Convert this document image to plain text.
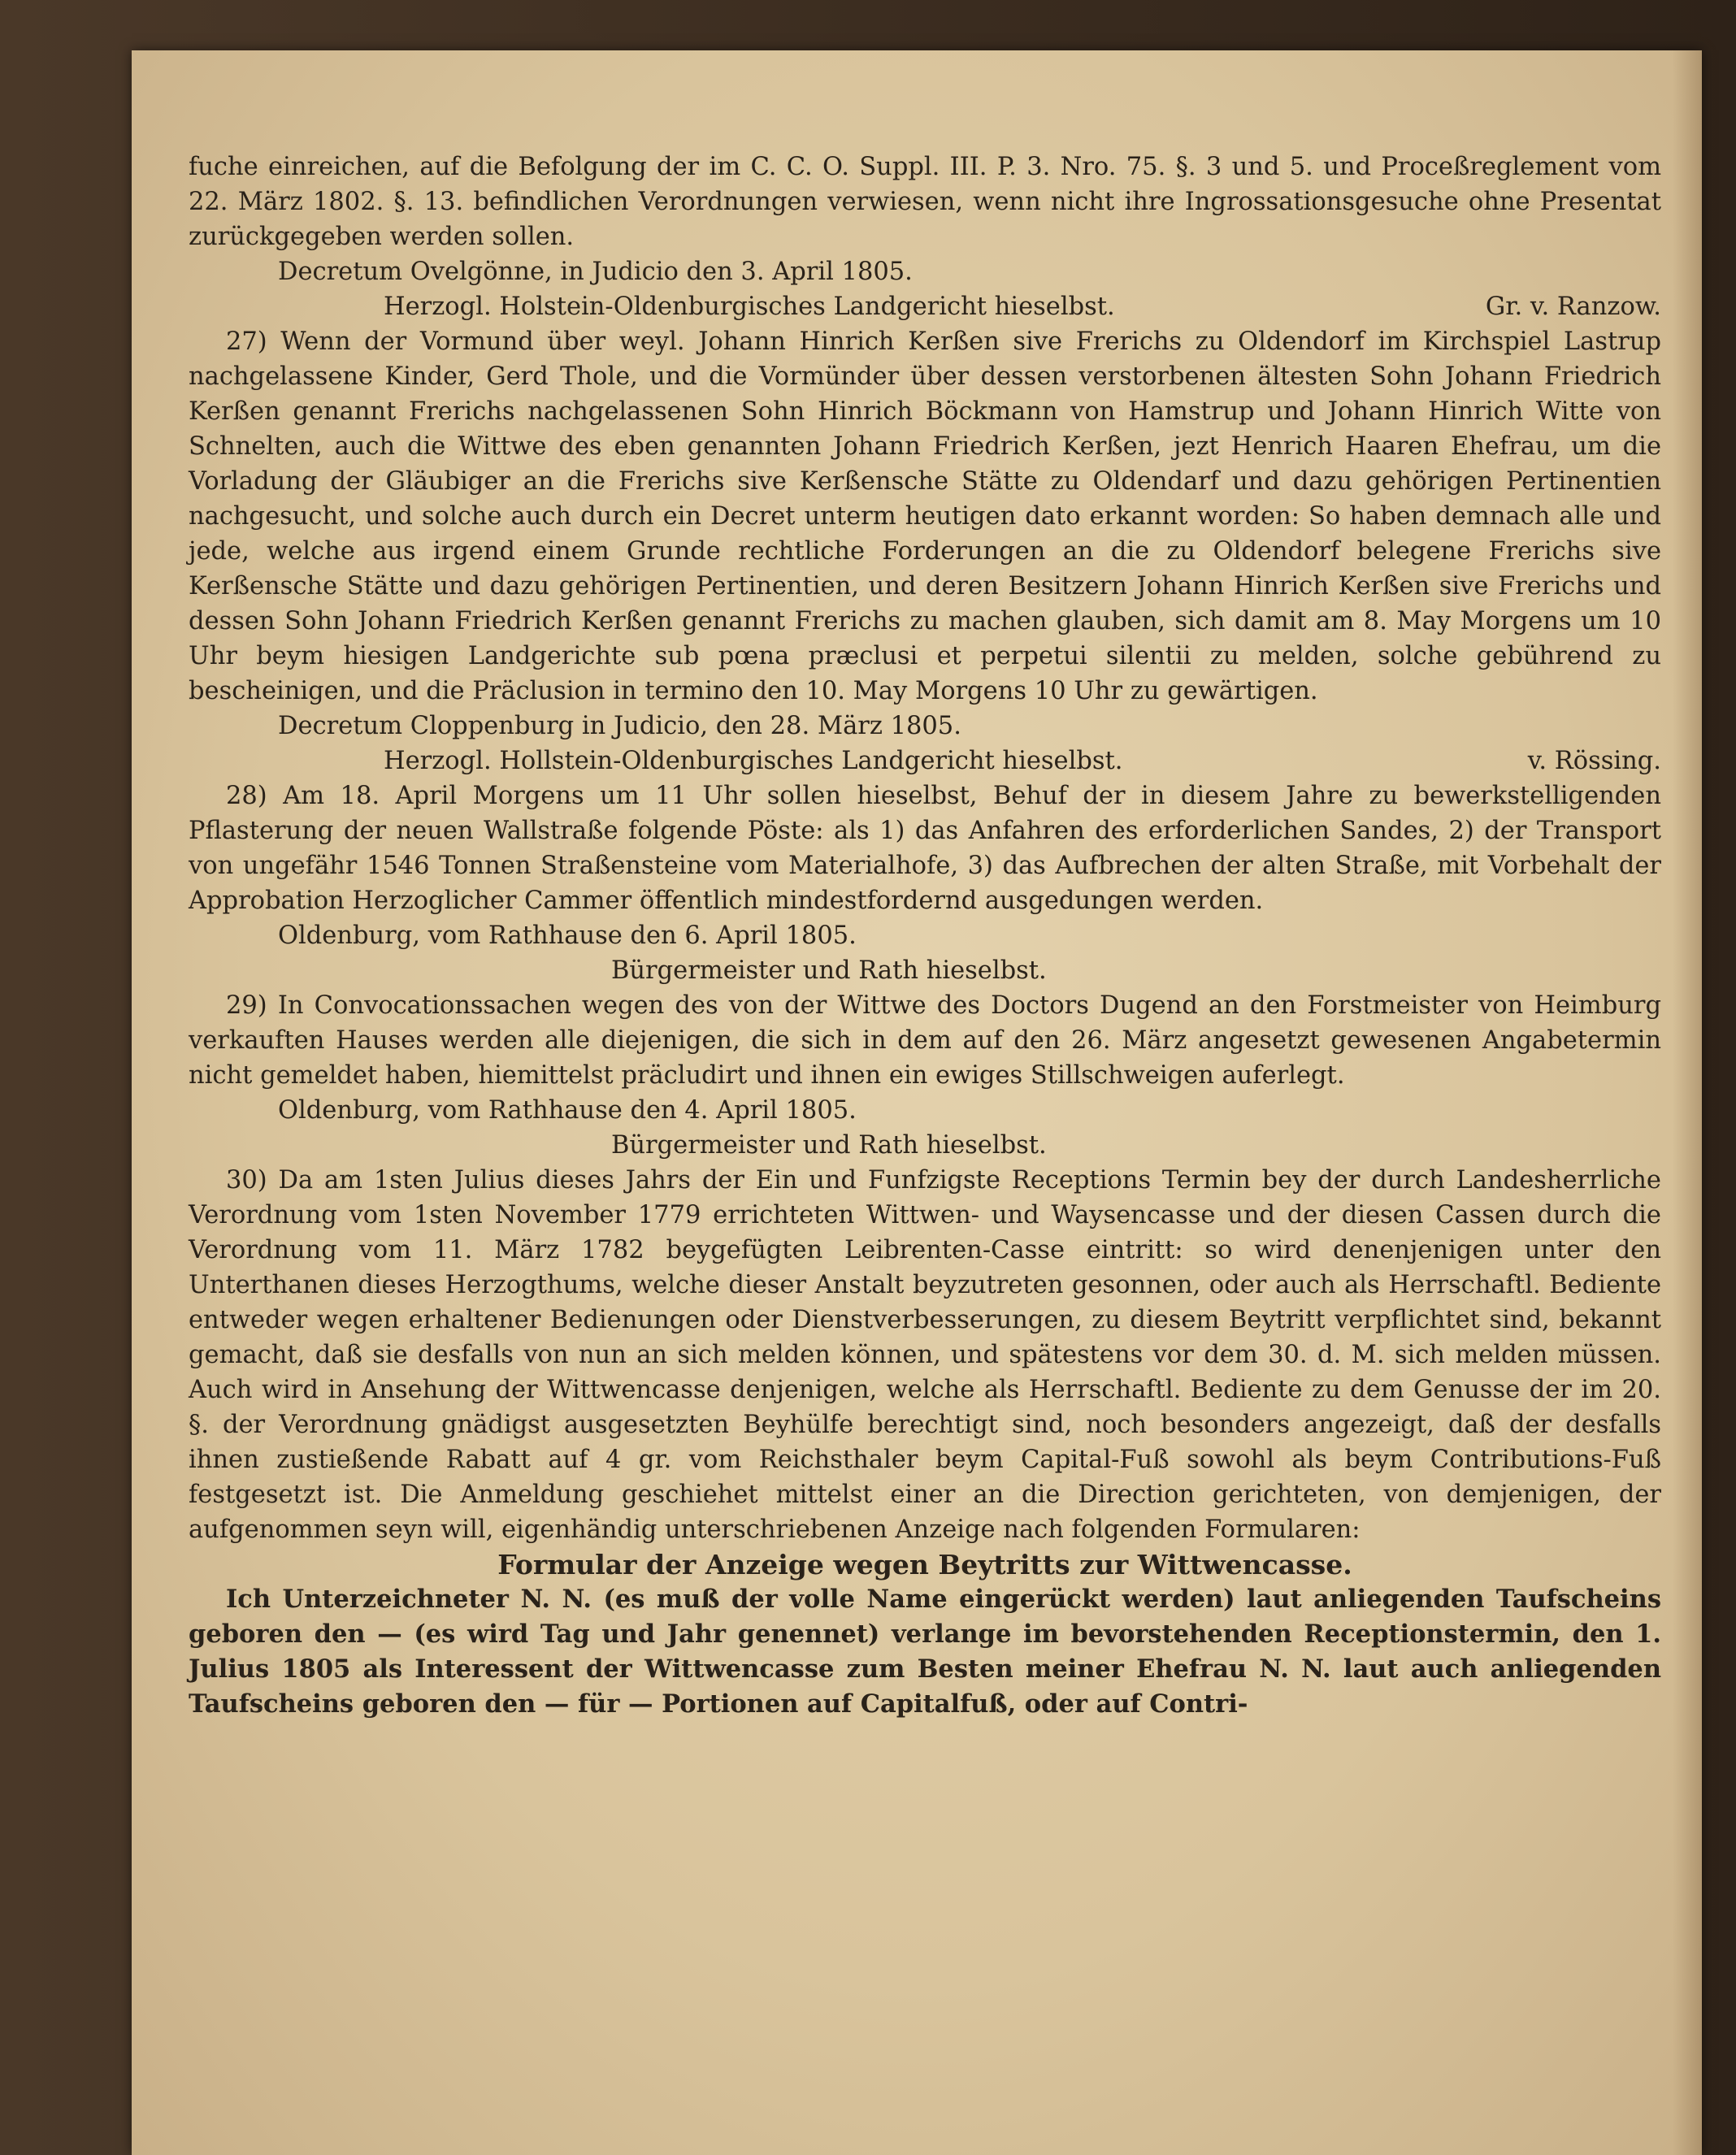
fuche einreichen, auf die Befolgung der im C. C. O. Suppl. III. P. 3. Nro. 75. §. 3 und 5. und Proceßreglement vom 22. März 1802. §. 13. befindlichen Verordnungen verwiesen, wenn nicht ihre Ingrossationsgesuche ohne Presentat zurückgegeben werden sollen.

Decretum Ovelgönne, in Judicio den 3. April 1805.

Herzogl. Holstein-Oldenburgisches Landgericht hieselbst.	Gr. v. Ranzow.

27) Wenn der Vormund über weyl. Johann Hinrich Kerßen sive Frerichs zu Oldendorf im Kirchspiel Lastrup nachgelassene Kinder, Gerd Thole, und die Vormünder über dessen verstorbenen ältesten Sohn Johann Friedrich Kerßen genannt Frerichs nachgelassenen Sohn Hinrich Böckmann von Hamstrup und Johann Hinrich Witte von Schnelten, auch die Wittwe des eben genannten Johann Friedrich Kerßen, jezt Henrich Haaren Ehefrau, um die Vorladung der Gläubiger an die Frerichs sive Kerßensche Stätte zu Oldendarf und dazu gehörigen Pertinentien nachgesucht, und solche auch durch ein Decret unterm heutigen dato erkannt worden: So haben demnach alle und jede, welche aus irgend einem Grunde rechtliche Forderungen an die zu Oldendorf belegene Frerichs sive Kerßensche Stätte und dazu gehörigen Pertinentien, und deren Besitzern Johann Hinrich Kerßen sive Frerichs und dessen Sohn Johann Friedrich Kerßen genannt Frerichs zu machen glauben, sich damit am 8. May Morgens um 10 Uhr beym hiesigen Landgerichte sub pœna præclusi et perpetui silentii zu melden, solche gebührend zu bescheinigen, und die Präclusion in termino den 10. May Morgens 10 Uhr zu gewärtigen.

Decretum Cloppenburg in Judicio, den 28. März 1805.

Herzogl. Hollstein-Oldenburgisches Landgericht hieselbst.	v. Rössing.

28) Am 18. April Morgens um 11 Uhr sollen hieselbst, Behuf der in diesem Jahre zu bewerkstelligenden Pflasterung der neuen Wallstraße folgende Pöste: als 1) das Anfahren des erforderlichen Sandes, 2) der Transport von ungefähr 1546 Tonnen Straßensteine vom Materialhofe, 3) das Aufbrechen der alten Straße, mit Vorbehalt der Approbation Herzoglicher Cammer öffentlich mindestfordernd ausgedungen werden.

Oldenburg, vom Rathhause den 6. April 1805.

Bürgermeister und Rath hieselbst.

29) In Convocationssachen wegen des von der Wittwe des Doctors Dugend an den Forstmeister von Heimburg verkauften Hauses werden alle diejenigen, die sich in dem auf den 26. März angesetzt gewesenen Angabetermin nicht gemeldet haben, hiemittelst präcludirt und ihnen ein ewiges Stillschweigen auferlegt.

Oldenburg, vom Rathhause den 4. April 1805.

Bürgermeister und Rath hieselbst.

30) Da am 1sten Julius dieses Jahrs der Ein und Funfzigste Receptions Termin bey der durch Landesherrliche Verordnung vom 1sten November 1779 errichteten Wittwen- und Waysencasse und der diesen Cassen durch die Verordnung vom 11. März 1782 beygefügten Leibrenten-Casse eintritt: so wird denenjenigen unter den Unterthanen dieses Herzogthums, welche dieser Anstalt beyzutreten gesonnen, oder auch als Herrschaftl. Bediente entweder wegen erhaltener Bedienungen oder Dienstverbesserungen, zu diesem Beytritt verpflichtet sind, bekannt gemacht, daß sie desfalls von nun an sich melden können, und spätestens vor dem 30. d. M. sich melden müssen. Auch wird in Ansehung der Wittwencasse denjenigen, welche als Herrschaftl. Bediente zu dem Genusse der im 20. §. der Verordnung gnädigst ausgesetzten Beyhülfe berechtigt sind, noch besonders angezeigt, daß der desfalls ihnen zustießende Rabatt auf 4 gr. vom Reichsthaler beym Capital-Fuß sowohl als beym Contributions-Fuß festgesetzt ist. Die Anmeldung geschiehet mittelst einer an die Direction gerichteten, von demjenigen, der aufgenommen seyn will, eigenhändig unterschriebenen Anzeige nach folgenden Formularen:

Formular der Anzeige wegen Beytritts zur Wittwencasse.

Ich Unterzeichneter N. N. (es muß der volle Name eingerückt werden) laut anliegenden Taufscheins geboren den — (es wird Tag und Jahr genennet) verlange im bevorstehenden Receptionstermin, den 1. Julius 1805 als Interessent der Wittwencasse zum Besten meiner Ehefrau N. N. laut auch anliegenden Taufscheins geboren den — für — Portionen auf Capitalfuß, oder auf Contri-
